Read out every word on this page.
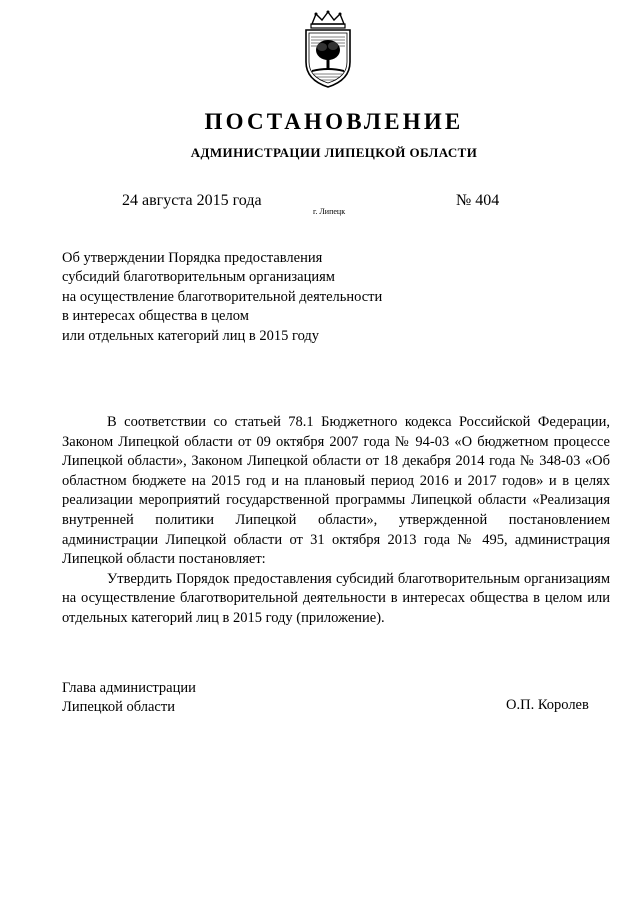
ПОСТАНОВЛЕНИЕ
АДМИНИСТРАЦИИ ЛИПЕЦКОЙ ОБЛАСТИ
24 августа 2015 года
г. Липецк
№ 404
Об утверждении Порядка предоставления
субсидий благотворительным организациям
на осуществление благотворительной деятельности
в интересах общества в целом
или отдельных категорий лиц в 2015 году

В соответствии со статьей 78.1 Бюджетного кодекса Российской Федерации, Законом Липецкой области от 09 октября 2007 года № 94-03 «О бюджетном процессе Липецкой области», Законом Липецкой области от 18 декабря 2014 года № 348-03 «Об областном бюджете на 2015 год и на плановый период 2016 и 2017 годов» и в целях реализации мероприятий государственной программы Липецкой области «Реализация внутренней политики Липецкой области», утвержденной постановлением администрации Липецкой области от 31 октября 2013 года № 495, администрация Липецкой области постановляет:

Утвердить Порядок предоставления субсидий благотворительным организациям на осуществление благотворительной деятельности в интересах общества в целом или отдельных категорий лиц в 2015 году (приложение).

Глава администрации
Липецкой области	О.П. Королев
